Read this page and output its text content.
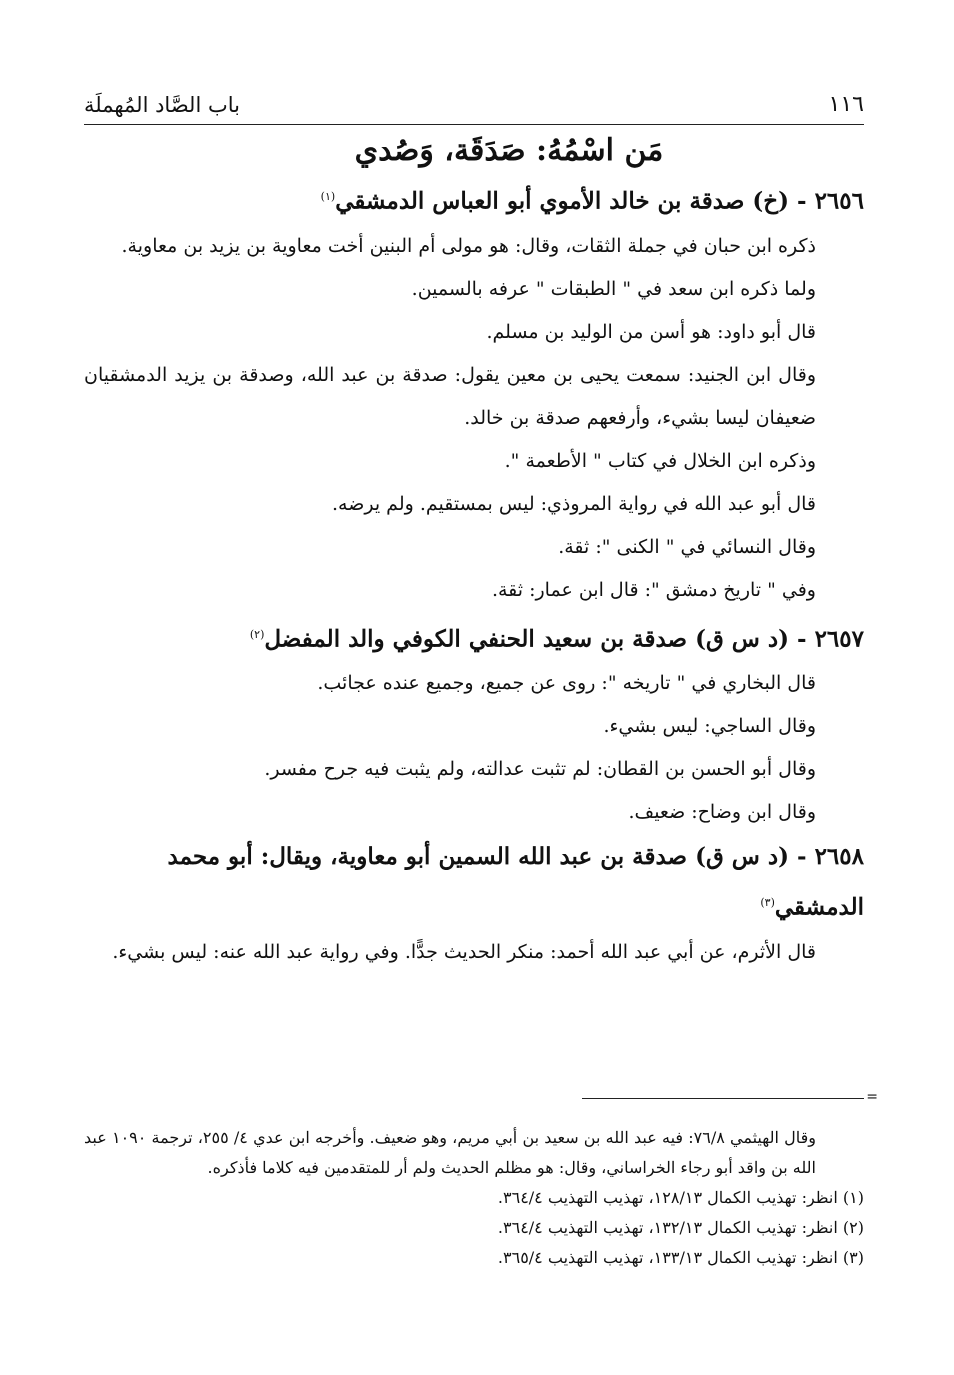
١١٦
باب الصَّاد المُهملَة
مَن اسْمُهُ: صَدَقَة، وَصُدي
٢٦٥٦ - (خ) صدقة بن خالد الأموي أبو العباس الدمشقي$^{(١)}$

ذكره ابن حبان في جملة الثقات، وقال: هو مولى أم البنين أخت معاوية بن يزيد بن معاوية.

ولما ذكره ابن سعد في " الطبقات " عرفه بالسمين.

قال أبو داود: هو أسن من الوليد بن مسلم.

وقال ابن الجنيد: سمعت يحيى بن معين يقول: صدقة بن عبد الله، وصدقة بن يزيد الدمشقيان ضعيفان ليسا بشيء، وأرفعهم صدقة بن خالد.

وذكره ابن الخلال في كتاب " الأطعمة ".

قال أبو عبد الله في رواية المروذي: ليس بمستقيم. ولم يرضه.

وقال النسائي في " الكنى ": ثقة.

وفي " تاريخ دمشق ": قال ابن عمار: ثقة.

٢٦٥٧ - (د س ق) صدقة بن سعيد الحنفي الكوفي والد المفضل$^{(٢)}$

قال البخاري في " تاريخه ": روى عن جميع، وجميع عنده عجائب.

وقال الساجي: ليس بشيء.

وقال أبو الحسن بن القطان: لم تثبت عدالته، ولم يثبت فيه جرح مفسر.

وقال ابن وضاح: ضعيف.

٢٦٥٨ - (د س ق) صدقة بن عبد الله السمين أبو معاوية، ويقال: أبو محمد الدمشقي$^{(٣)}$

قال الأثرم، عن أبي عبد الله أحمد: منكر الحديث جدًّا. وفي رواية عبد الله عنه: ليس بشيء.

=
وقال الهيثمي ٧٦/٨: فيه عبد الله بن سعيد بن أبي مريم، وهو ضعيف. وأخرجه ابن عدي ٤/ ٢٥٥، ترجمة ١٠٩٠ عبد الله بن واقد أبو رجاء الخراساني، وقال: هو مظلم الحديث ولم أر للمتقدمين فيه كلاما فأذكره.
(١) انظر: تهذيب الكمال ١٢٨/١٣، تهذيب التهذيب ٣٦٤/٤.
(٢) انظر: تهذيب الكمال ١٣٢/١٣، تهذيب التهذيب ٣٦٤/٤.
(٣) انظر: تهذيب الكمال ١٣٣/١٣، تهذيب التهذيب ٣٦٥/٤.
